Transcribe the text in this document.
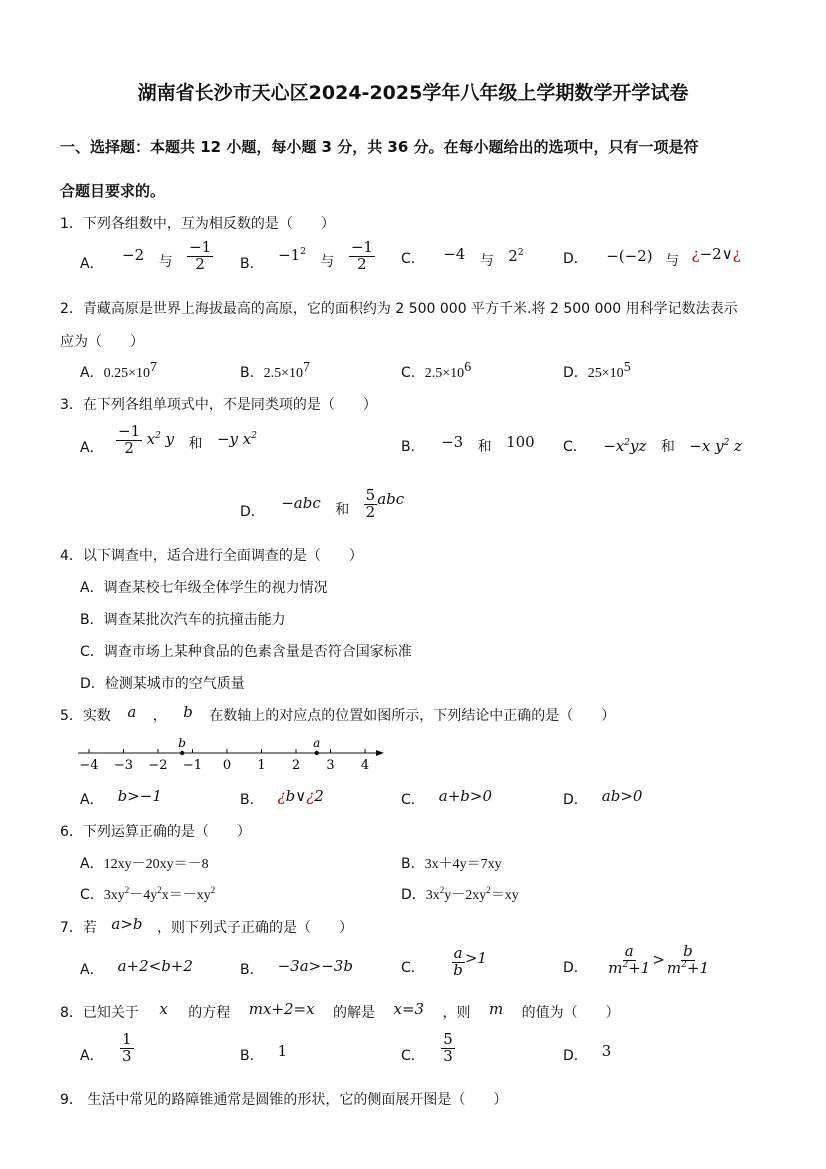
湖南省长沙市天心区2024-2025学年八年级上学期数学开学试卷
一、选择题：本题共 12 小题，每小题 3 分，共 36 分。在每小题给出的选项中，只有一项是符
合题目要求的。
1．下列各组数中，互为相反数的是（　　）
A． −2 与 $\frac{-1}{2}$ B． $-1^2$ 与 $\frac{-1}{2}$ C． −4 与 $2^2$	D． −(−2) 与 ¿−2∨¿
2．青藏高原是世界上海拔最高的高原，它的面积约为 2 500 000 平方千米.将 2 500 000 用科学记数法表示
应为（　　）
A．$0.25\times 10^7$	B．$2.5\times 10^7$	C．$2.5\times 10^6$	D．$25\times 10^5$
3．在下列各组单项式中，不是同类项的是（　　）
A． $\frac{-1}{2} x^2$ y 和 −y $x^2$
B． −3 和 100 C． $-x^2yz$ 和 −x $y^2$ z
D． −abc 和 $\frac{5}{2}$ abc
4．以下调查中，适合进行全面调查的是（　　）
A．调查某校七年级全体学生的视力情况
B．调查某批次汽车的抗撞击能力
C．调查市场上某种食品的色素含量是否符合国家标准
D．检测某城市的空气质量
5．实数 a ， b 在数轴上的对应点的位置如图所示，下列结论中正确的是（　　）
−4 −3 −2 −1 0 1 2 3 4
b	a
A． b>−1	B． ¿b∨¿2	C． a+b>0	D． ab>0
6．下列运算正确的是（　　）
A．12xy－20xy＝－8	B．3x＋4y＝7xy
C．$3xy^2-4y^2x=-xy^2$	D．$3x^2y-2xy^2=xy$
7．若 a>b ，则下列式子正确的是（　　）
A． a+2<b+2	B． −3a>−3b	C． $\frac{a}{b} >1$
D． $\frac{a}{m^2+1} > \frac{b}{m^2+1}$
8．已知关于 x 的方程 mx+2=x 的解是 x=3 ，则 m 的值为（　　）
A． $\frac{1}{3}$	B． 1	C． $\frac{5}{3}$	D． 3
9． 生活中常见的路障锥通常是圆锥的形状，它的侧面展开图是（　　）
